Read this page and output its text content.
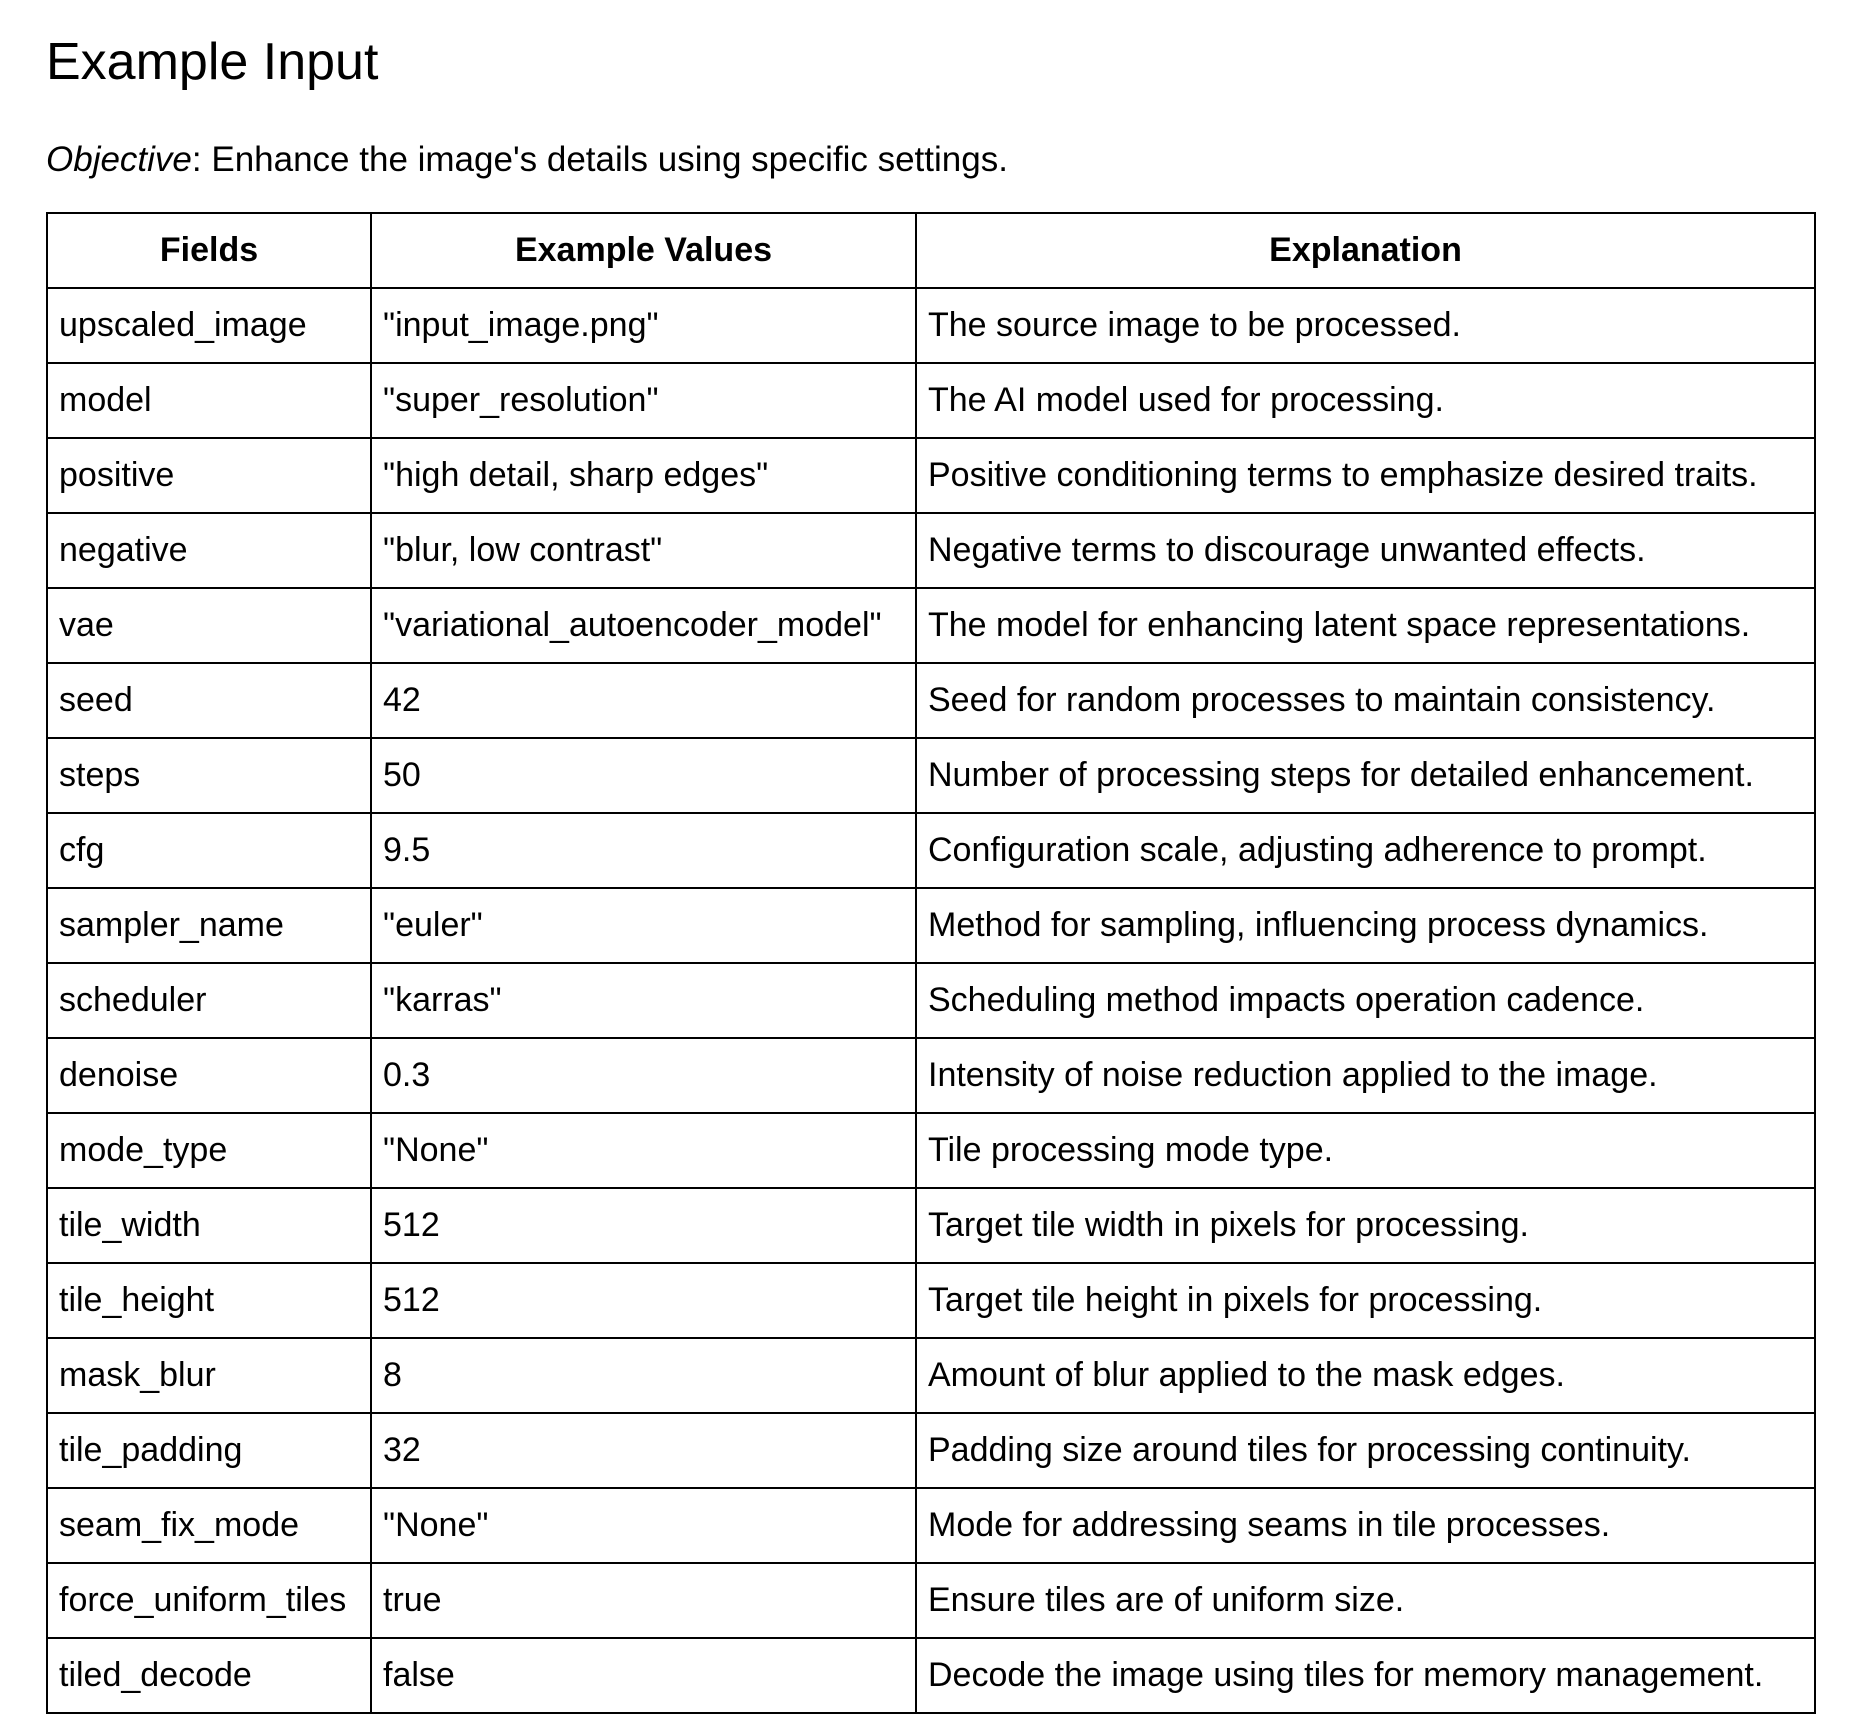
Example Input

Objective: Enhance the image's details using specific settings.

Fields	Example Values	Explanation
upscaled_image	"input_image.png"	The source image to be processed.
model	"super_resolution"	The AI model used for processing.
positive	"high detail, sharp edges"	Positive conditioning terms to emphasize desired traits.
negative	"blur, low contrast"	Negative terms to discourage unwanted effects.
vae	"variational_autoencoder_model"	The model for enhancing latent space representations.
seed	42	Seed for random processes to maintain consistency.
steps	50	Number of processing steps for detailed enhancement.
cfg	9.5	Configuration scale, adjusting adherence to prompt.
sampler_name	"euler"	Method for sampling, influencing process dynamics.
scheduler	"karras"	Scheduling method impacts operation cadence.
denoise	0.3	Intensity of noise reduction applied to the image.
mode_type	"None"	Tile processing mode type.
tile_width	512	Target tile width in pixels for processing.
tile_height	512	Target tile height in pixels for processing.
mask_blur	8	Amount of blur applied to the mask edges.
tile_padding	32	Padding size around tiles for processing continuity.
seam_fix_mode	"None"	Mode for addressing seams in tile processes.
force_uniform_tiles	true	Ensure tiles are of uniform size.
tiled_decode	false	Decode the image using tiles for memory management.
